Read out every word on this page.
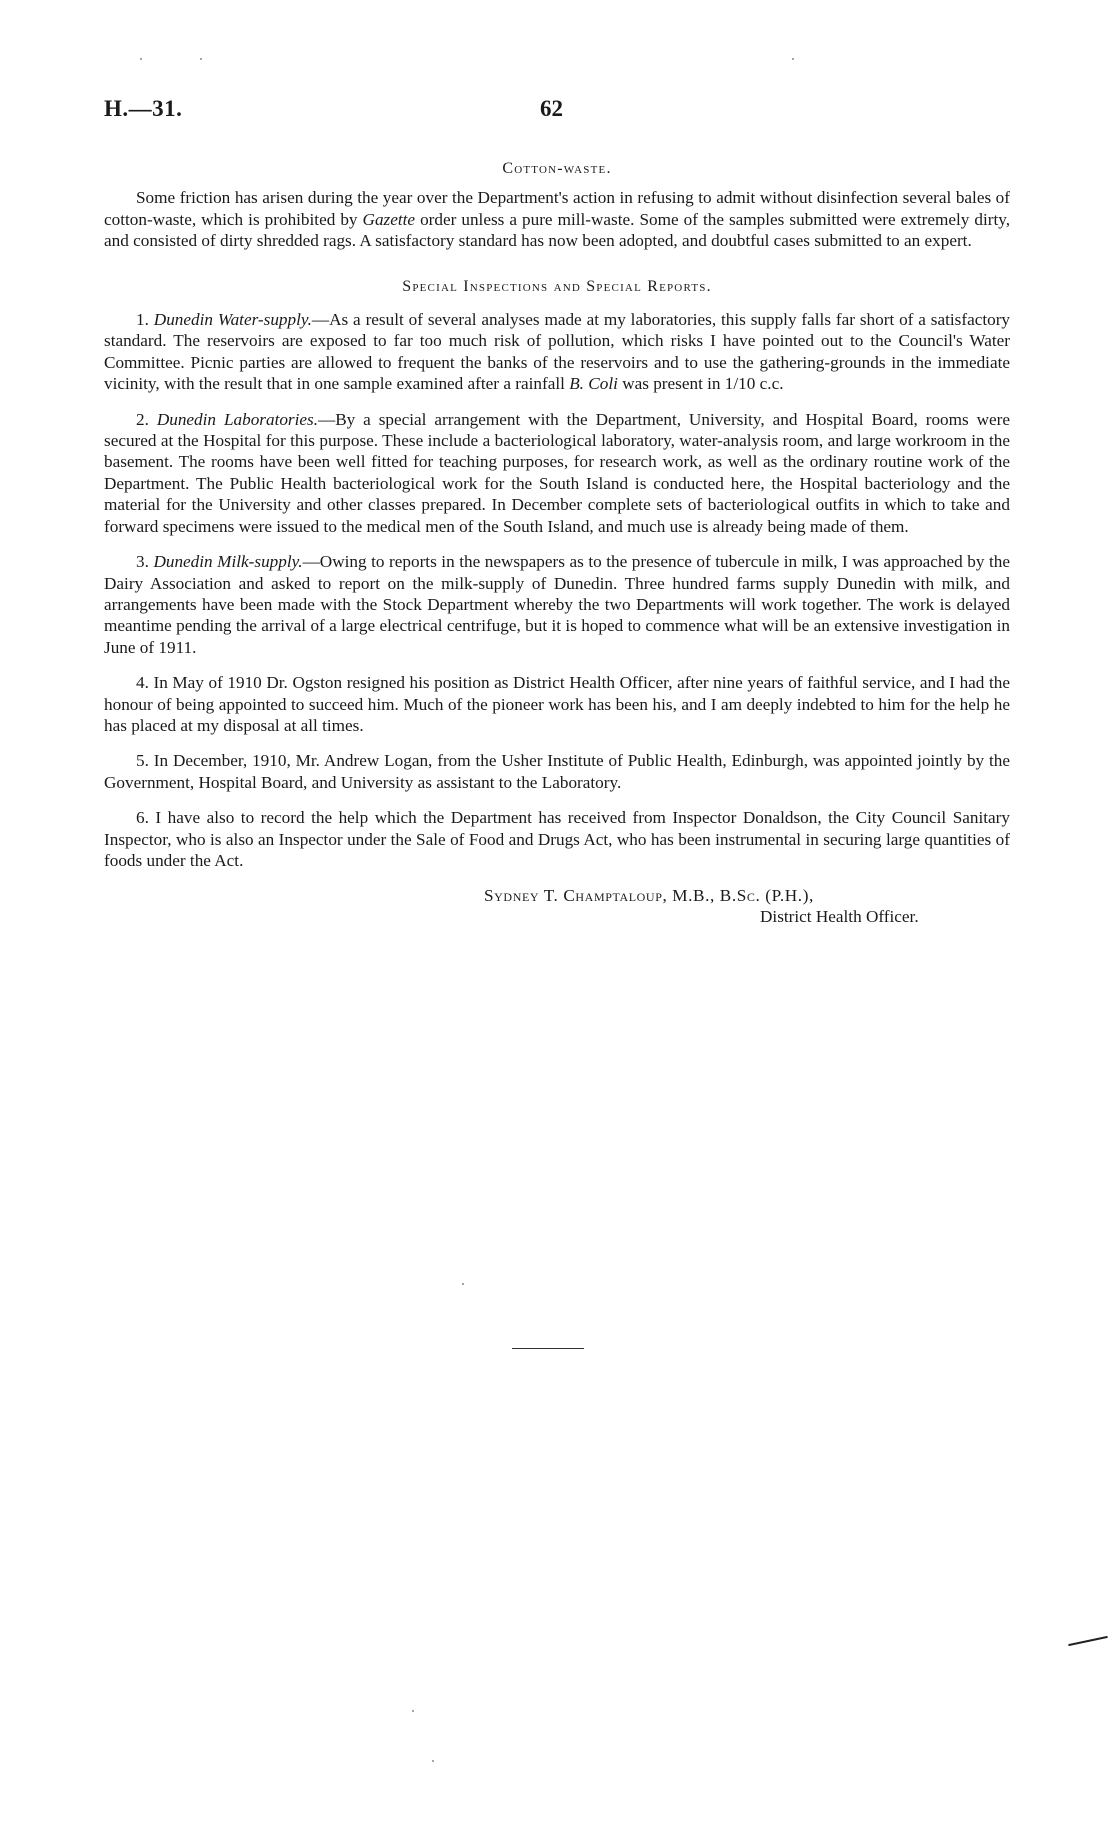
H.—31.	62
Cotton-waste.

Some friction has arisen during the year over the Department's action in refusing to admit without disinfection several bales of cotton-waste, which is prohibited by Gazette order unless a pure mill-waste. Some of the samples submitted were extremely dirty, and consisted of dirty shredded rags. A satisfactory standard has now been adopted, and doubtful cases submitted to an expert.

Special Inspections and Special Reports.

1. Dunedin Water-supply.—As a result of several analyses made at my laboratories, this supply falls far short of a satisfactory standard. The reservoirs are exposed to far too much risk of pollution, which risks I have pointed out to the Council's Water Committee. Picnic parties are allowed to frequent the banks of the reservoirs and to use the gathering-grounds in the immediate vicinity, with the result that in one sample examined after a rainfall B. Coli was present in 1/10 c.c.

2. Dunedin Laboratories.—By a special arrangement with the Department, University, and Hospital Board, rooms were secured at the Hospital for this purpose. These include a bacteriological laboratory, water-analysis room, and large workroom in the basement. The rooms have been well fitted for teaching purposes, for research work, as well as the ordinary routine work of the Department. The Public Health bacteriological work for the South Island is conducted here, the Hospital bacteriology and the material for the University and other classes prepared. In December complete sets of bacteriological outfits in which to take and forward specimens were issued to the medical men of the South Island, and much use is already being made of them.

3. Dunedin Milk-supply.—Owing to reports in the newspapers as to the presence of tubercule in milk, I was approached by the Dairy Association and asked to report on the milk-supply of Dunedin. Three hundred farms supply Dunedin with milk, and arrangements have been made with the Stock Department whereby the two Departments will work together. The work is delayed meantime pending the arrival of a large electrical centrifuge, but it is hoped to commence what will be an extensive investigation in June of 1911.

4. In May of 1910 Dr. Ogston resigned his position as District Health Officer, after nine years of faithful service, and I had the honour of being appointed to succeed him. Much of the pioneer work has been his, and I am deeply indebted to him for the help he has placed at my disposal at all times.

5. In December, 1910, Mr. Andrew Logan, from the Usher Institute of Public Health, Edinburgh, was appointed jointly by the Government, Hospital Board, and University as assistant to the Laboratory.

6. I have also to record the help which the Department has received from Inspector Donaldson, the City Council Sanitary Inspector, who is also an Inspector under the Sale of Food and Drugs Act, who has been instrumental in securing large quantities of foods under the Act.

Sydney T. Champtaloup, M.B., B.Sc. (P.H.),
District Health Officer.
